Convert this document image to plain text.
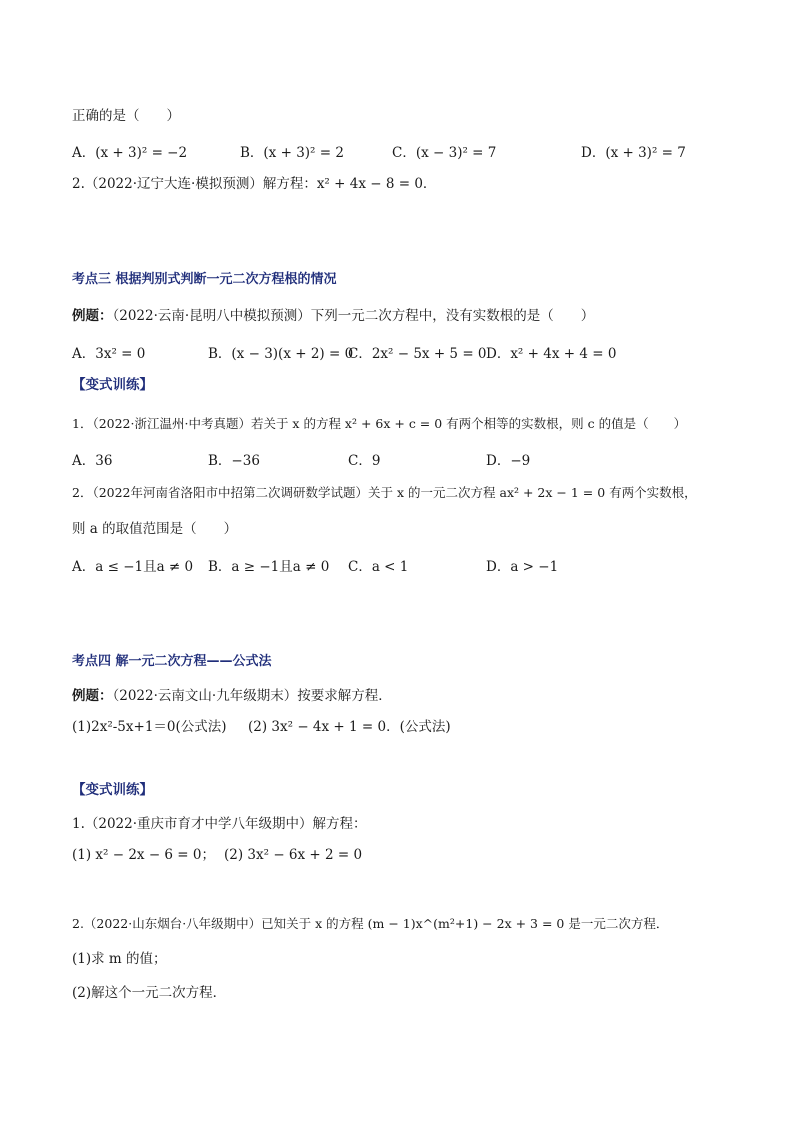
正确的是（　　）
A．(x + 3)² = −2	B．(x + 3)² = 2	C．(x − 3)² = 7	D．(x + 3)² = 7
2.（2022·辽宁大连·模拟预测）解方程：x² + 4x − 8 = 0．
考点三 根据判别式判断一元二次方程根的情况
例题：（2022·云南·昆明八中模拟预测）下列一元二次方程中，没有实数根的是（　　）
A．3x² = 0	B．(x − 3)(x + 2) = 0
C．2x² − 5x + 5 = 0 D．x² + 4x + 4 = 0
【变式训练】
1．（2022·浙江温州·中考真题）若关于 x 的方程 x² + 6x + c = 0 有两个相等的实数根，则 c 的值是（　　）
A．36	B．−36	C．9	D．−9
2．（2022年河南省洛阳市中招第二次调研数学试题）关于 x 的一元二次方程 ax² + 2x − 1 = 0 有两个实数根，
则 a 的取值范围是（　　）
A．a ≤ −1且a ≠ 0 B．a ≥ −1且a ≠ 0 C．a < 1	D．a > −1
考点四 解一元二次方程——公式法
例题：（2022·云南文山·九年级期末）按要求解方程．
(1)2x²-5x+1＝0(公式法) (2) 3x² − 4x + 1 = 0．(公式法)
【变式训练】
1.（2022·重庆市育才中学八年级期中）解方程：
(1) x² − 2x − 6 = 0； (2) 3x² − 6x + 2 = 0
2.（2022·山东烟台·八年级期中）已知关于 x 的方程 (m − 1)x^(m²+1) − 2x + 3 = 0 是一元二次方程．
(1)求 m 的值；
(2)解这个一元二次方程．
